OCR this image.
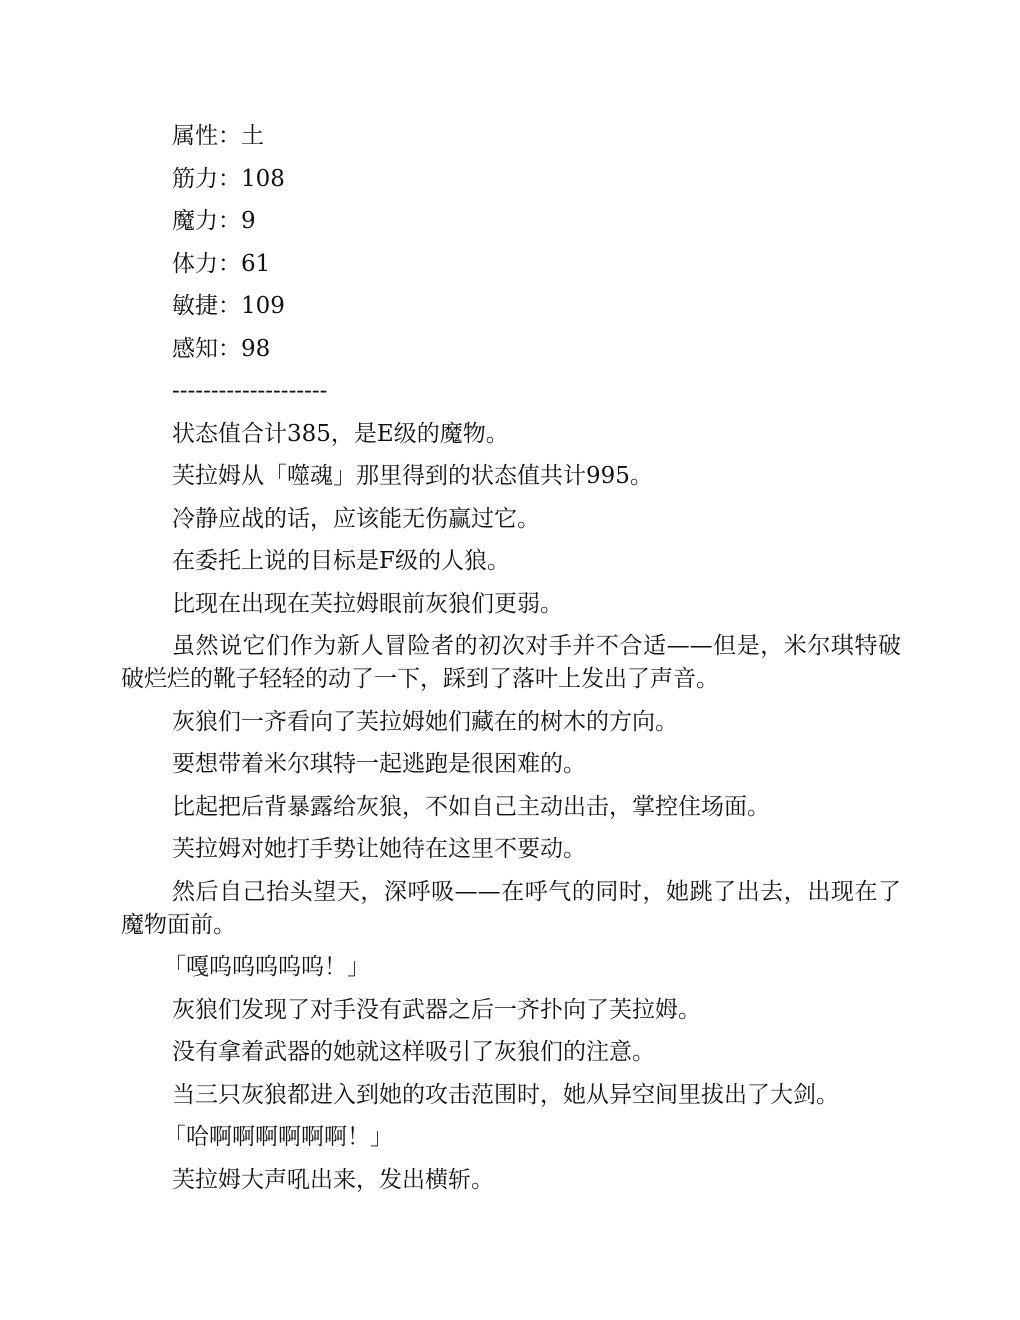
属性：土

筋力：108

魔力：9

体力：61

敏捷：109

感知：98

--------------------

状态值合计385，是E级的魔物。

芙拉姆从「噬魂」那里得到的状态值共计995。

冷静应战的话，应该能无伤赢过它。

在委托上说的目标是F级的人狼。

比现在出现在芙拉姆眼前灰狼们更弱。

虽然说它们作为新人冒险者的初次对手并不合适——但是，米尔琪特破破烂烂的靴子轻轻的动了一下，踩到了落叶上发出了声音。

灰狼们一齐看向了芙拉姆她们藏在的树木的方向。

要想带着米尔琪特一起逃跑是很困难的。

比起把后背暴露给灰狼，不如自己主动出击，掌控住场面。

芙拉姆对她打手势让她待在这里不要动。

然后自己抬头望天，深呼吸——在呼气的同时，她跳了出去，出现在了魔物面前。

「嘎呜呜呜呜呜！」

灰狼们发现了对手没有武器之后一齐扑向了芙拉姆。

没有拿着武器的她就这样吸引了灰狼们的注意。

当三只灰狼都进入到她的攻击范围时，她从异空间里拔出了大剑。

「哈啊啊啊啊啊啊！」

芙拉姆大声吼出来，发出横斩。
